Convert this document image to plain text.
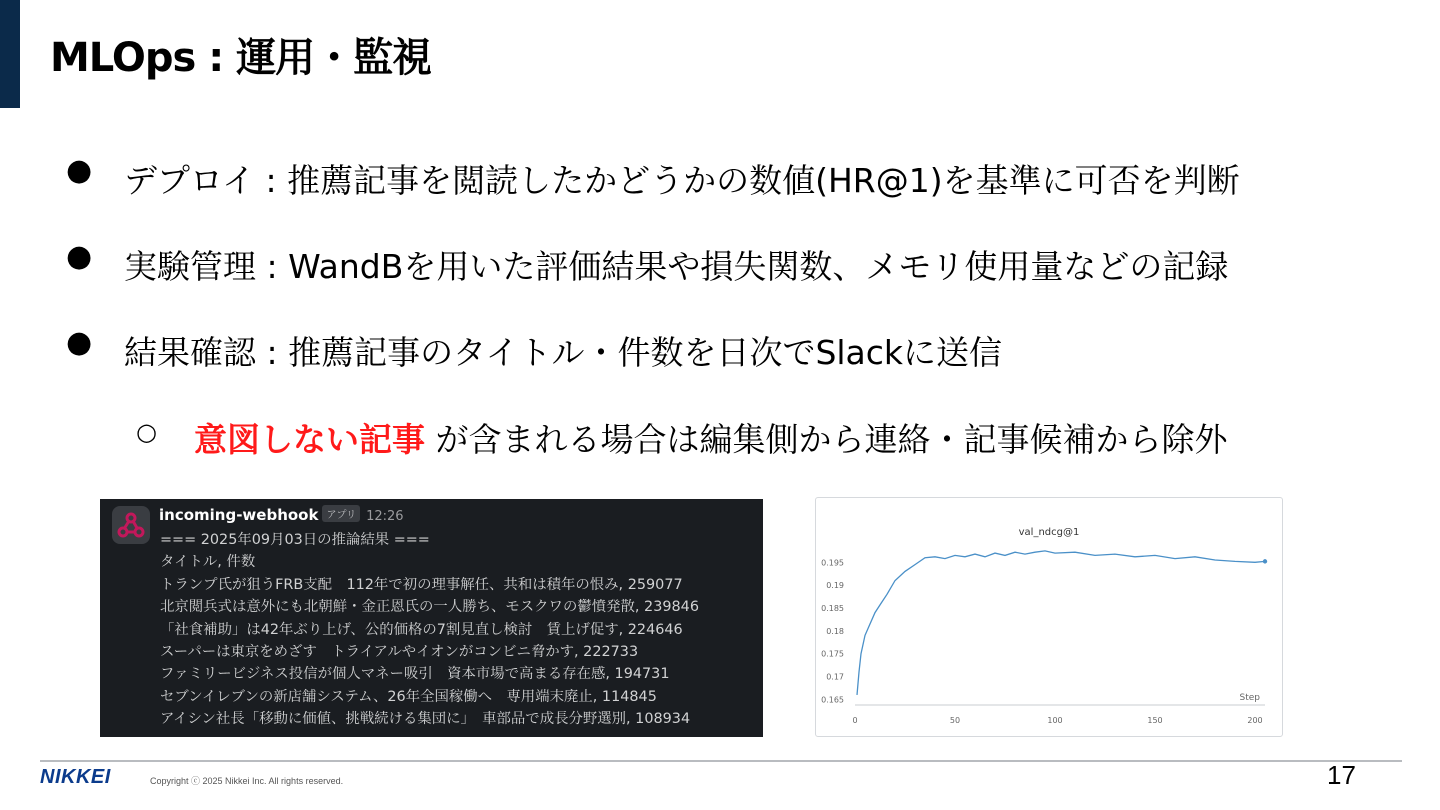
MLOps : 運用・監視
● デプロイ : 推薦記事を閲読したかどうかの数値(HR@1)を基準に可否を判断
● 実験管理 : WandBを用いた評価結果や損失関数、メモリ使用量などの記録
● 結果確認 : 推薦記事のタイトル・件数を日次でSlackに送信
○ 意図しない記事 が含まれる場合は編集側から連絡・記事候補から除外
incoming-webhook アプリ 12:26
=== 2025年09月03日の推論結果 ===
タイトル, 件数
トランプ氏が狙うFRB支配　112年で初の理事解任、共和は積年の恨み, 259077
北京閲兵式は意外にも北朝鮮・金正恩氏の一人勝ち、モスクワの鬱憤発散, 239846
「社食補助」は42年ぶり上げ、公的価格の7割見直し検討　賃上げ促す, 224646
スーパーは東京をめざす　トライアルやイオンがコンビニ脅かす, 222733
ファミリービジネス投信が個人マネー吸引　資本市場で高まる存在感, 194731
セブンイレブンの新店舗システム、26年全国稼働へ　専用端末廃止, 114845
アイシン社長「移動に価値、挑戦続ける集団に」　車部品で成長分野選別, 108934
val_ndcg@1
0.165
0.17
0.175
0.18
0.185
0.19
0.195
0	50	100	150	200
Step
NIKKEI	Copyright ⓒ 2025 Nikkei Inc. All rights reserved.	17
